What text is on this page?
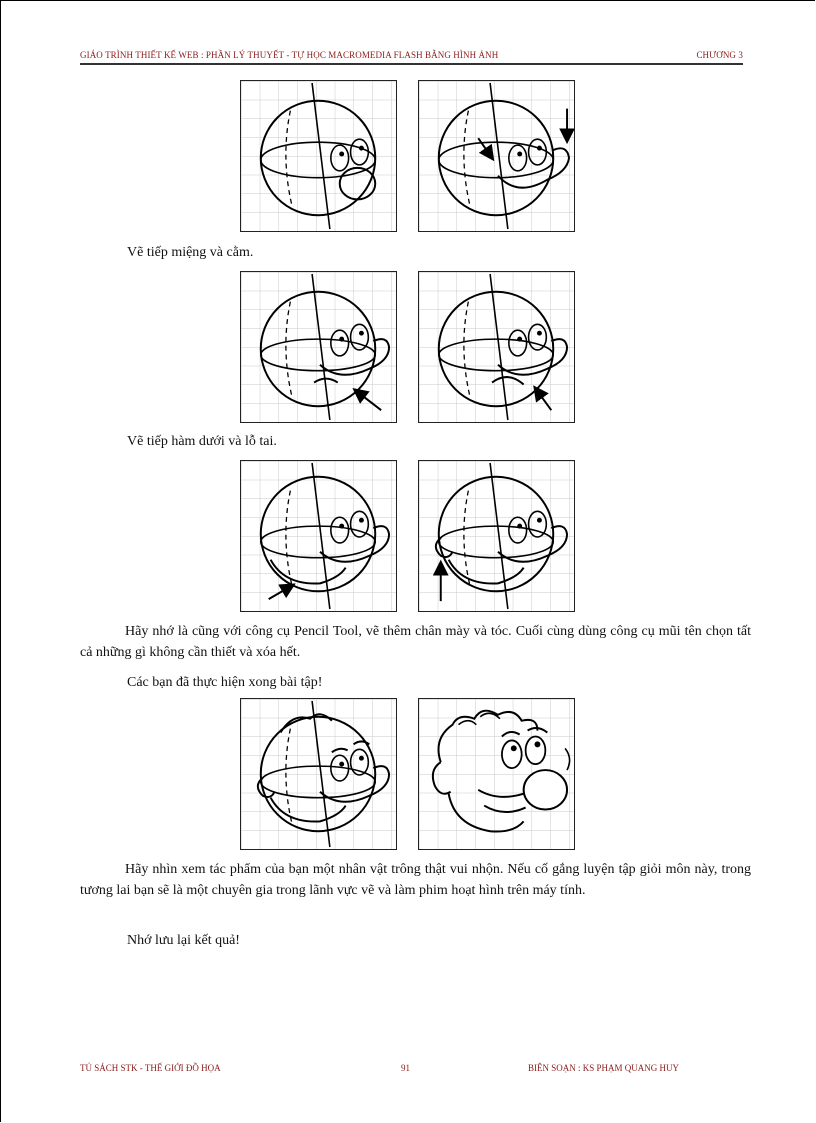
GIÁO TRÌNH THIẾT KẾ WEB : PHẦN LÝ THUYẾT - TỰ HỌC MACROMEDIA FLASH BẰNG HÌNH ẢNH	CHƯƠNG 3
Vẽ tiếp miệng và cằm.
Vẽ tiếp hàm dưới và lỗ tai.
Hãy nhớ là cũng với công cụ Pencil Tool, vẽ thêm chân mày và tóc. Cuối cùng dùng công cụ mũi tên chọn tất cả những gì không cần thiết và xóa hết.
Các bạn đã thực hiện xong bài tập!
Hãy nhìn xem tác phẩm của bạn một nhân vật trông thật vui nhộn. Nếu cố gắng luyện tập giỏi môn này, trong tương lai bạn sẽ là một chuyên gia trong lãnh vực vẽ và làm phim hoạt hình trên máy tính.
Nhớ lưu lại kết quả!
TỦ SÁCH STK - THẾ GIỚI ĐỒ HỌA	91	BIÊN SOẠN : KS PHẠM QUANG HUY
